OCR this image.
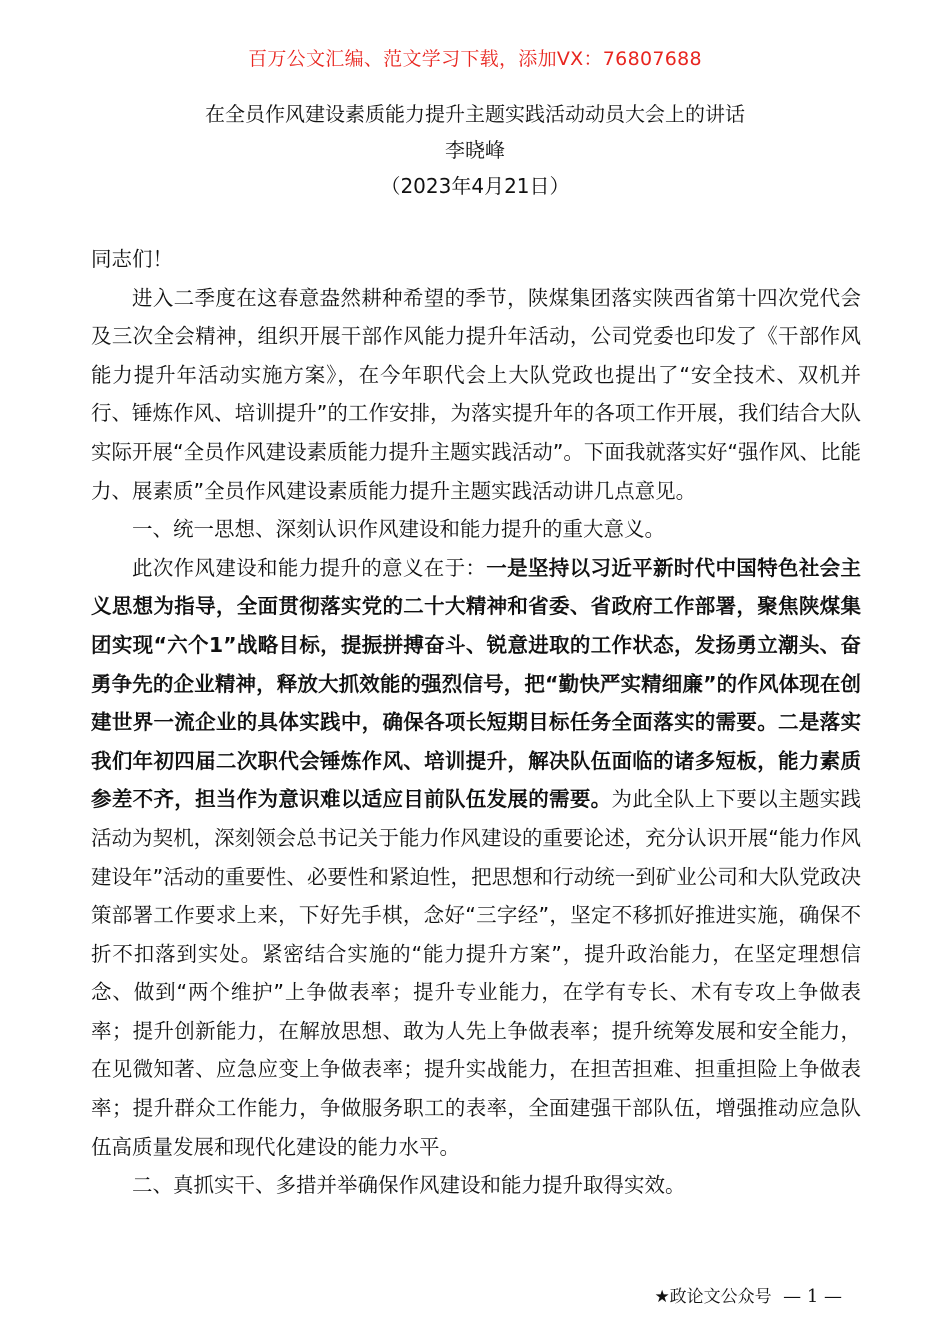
百万公文汇编、范文学习下载，添加VX：76807688
在全员作风建设素质能力提升主题实践活动动员大会上的讲话
李晓峰
（2023年4月21日）

同志们！

进入二季度在这春意盎然耕种希望的季节，陕煤集团落实陕西省第十四次党代会及三次全会精神，组织开展干部作风能力提升年活动，公司党委也印发了《干部作风能力提升年活动实施方案》，在今年职代会上大队党政也提出了“安全技术、双机并行、锤炼作风、培训提升”的工作安排，为落实提升年的各项工作开展，我们结合大队实际开展“全员作风建设素质能力提升主题实践活动”。下面我就落实好“强作风、比能力、展素质”全员作风建设素质能力提升主题实践活动讲几点意见。

一、统一思想、深刻认识作风建设和能力提升的重大意义。

此次作风建设和能力提升的意义在于：一是坚持以习近平新时代中国特色社会主义思想为指导，全面贯彻落实党的二十大精神和省委、省政府工作部署，聚焦陕煤集团实现“六个1”战略目标，提振拼搏奋斗、锐意进取的工作状态，发扬勇立潮头、奋勇争先的企业精神，释放大抓效能的强烈信号，把“勤快严实精细廉”的作风体现在创建世界一流企业的具体实践中，确保各项长短期目标任务全面落实的需要。二是落实我们年初四届二次职代会锤炼作风、培训提升，解决队伍面临的诸多短板，能力素质参差不齐，担当作为意识难以适应目前队伍发展的需要。为此全队上下要以主题实践活动为契机，深刻领会总书记关于能力作风建设的重要论述，充分认识开展“能力作风建设年”活动的重要性、必要性和紧迫性，把思想和行动统一到矿业公司和大队党政决策部署工作要求上来，下好先手棋，念好“三字经”，坚定不移抓好推进实施，确保不折不扣落到实处。紧密结合实施的“能力提升方案”，提升政治能力，在坚定理想信念、做到“两个维护”上争做表率；提升专业能力，在学有专长、术有专攻上争做表率；提升创新能力，在解放思想、敢为人先上争做表率；提升统筹发展和安全能力，在见微知著、应急应变上争做表率；提升实战能力，在担苦担难、担重担险上争做表率；提升群众工作能力，争做服务职工的表率，全面建强干部队伍，增强推动应急队伍高质量发展和现代化建设的能力水平。

二、真抓实干、多措并举确保作风建设和能力提升取得实效。

★政论文公众号 — 1 —
